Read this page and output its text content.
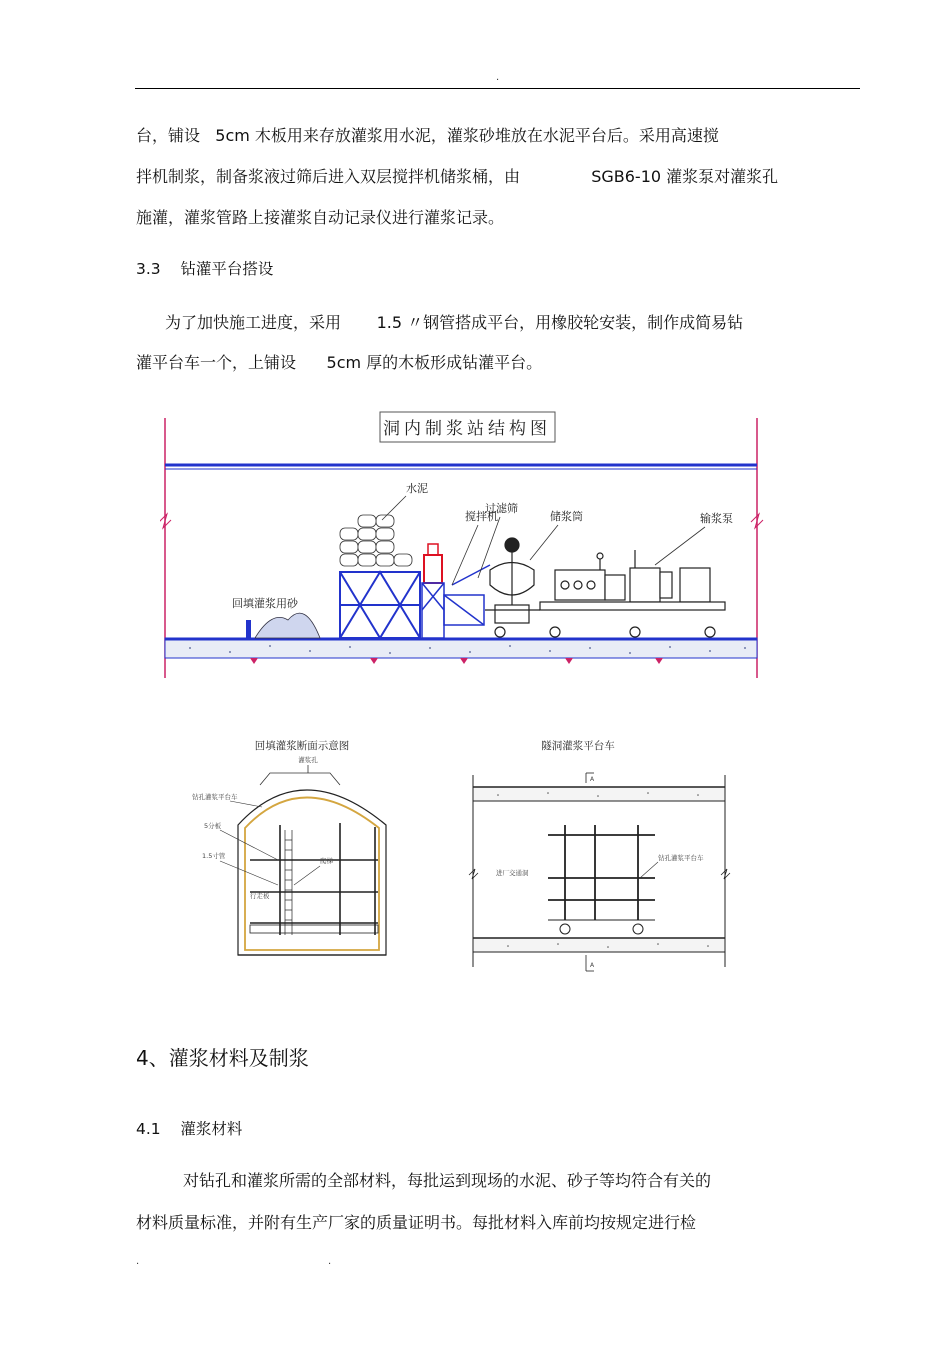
.
台，铺设   5cm 木板用来存放灌浆用水泥，灌浆砂堆放在水泥平台后。采用高速搅
拌机制浆，制备浆液过筛后进入双层搅拌机储浆桶，由              SGB6-10 灌浆泵对灌浆孔
施灌，灌浆管路上接灌浆自动记录仪进行灌浆记录。
3.3    钻灌平台搭设
为了加快施工进度，采用       1.5 〃钢管搭成平台，用橡胶轮安装，制作成简易钻
灌平台车一个，上铺设      5cm 厚的木板形成钻灌平台。
洞内制浆站结构图
回填灌浆用砂
水泥
搅拌机
过滤筛
储浆筒	输浆泵
回填灌浆断面示意图
灌浆孔
钻孔灌浆平台车
5分板
1.5寸管
爬梯
行走板
隧洞灌浆平台车
A
进厂交通洞
钻孔灌浆平台车
A
4、灌浆材料及制浆
4.1    灌浆材料
对钻孔和灌浆所需的全部材料，每批运到现场的水泥、砂子等均符合有关的
材料质量标准，并附有生产厂家的质量证明书。每批材料入库前均按规定进行检
.	.
